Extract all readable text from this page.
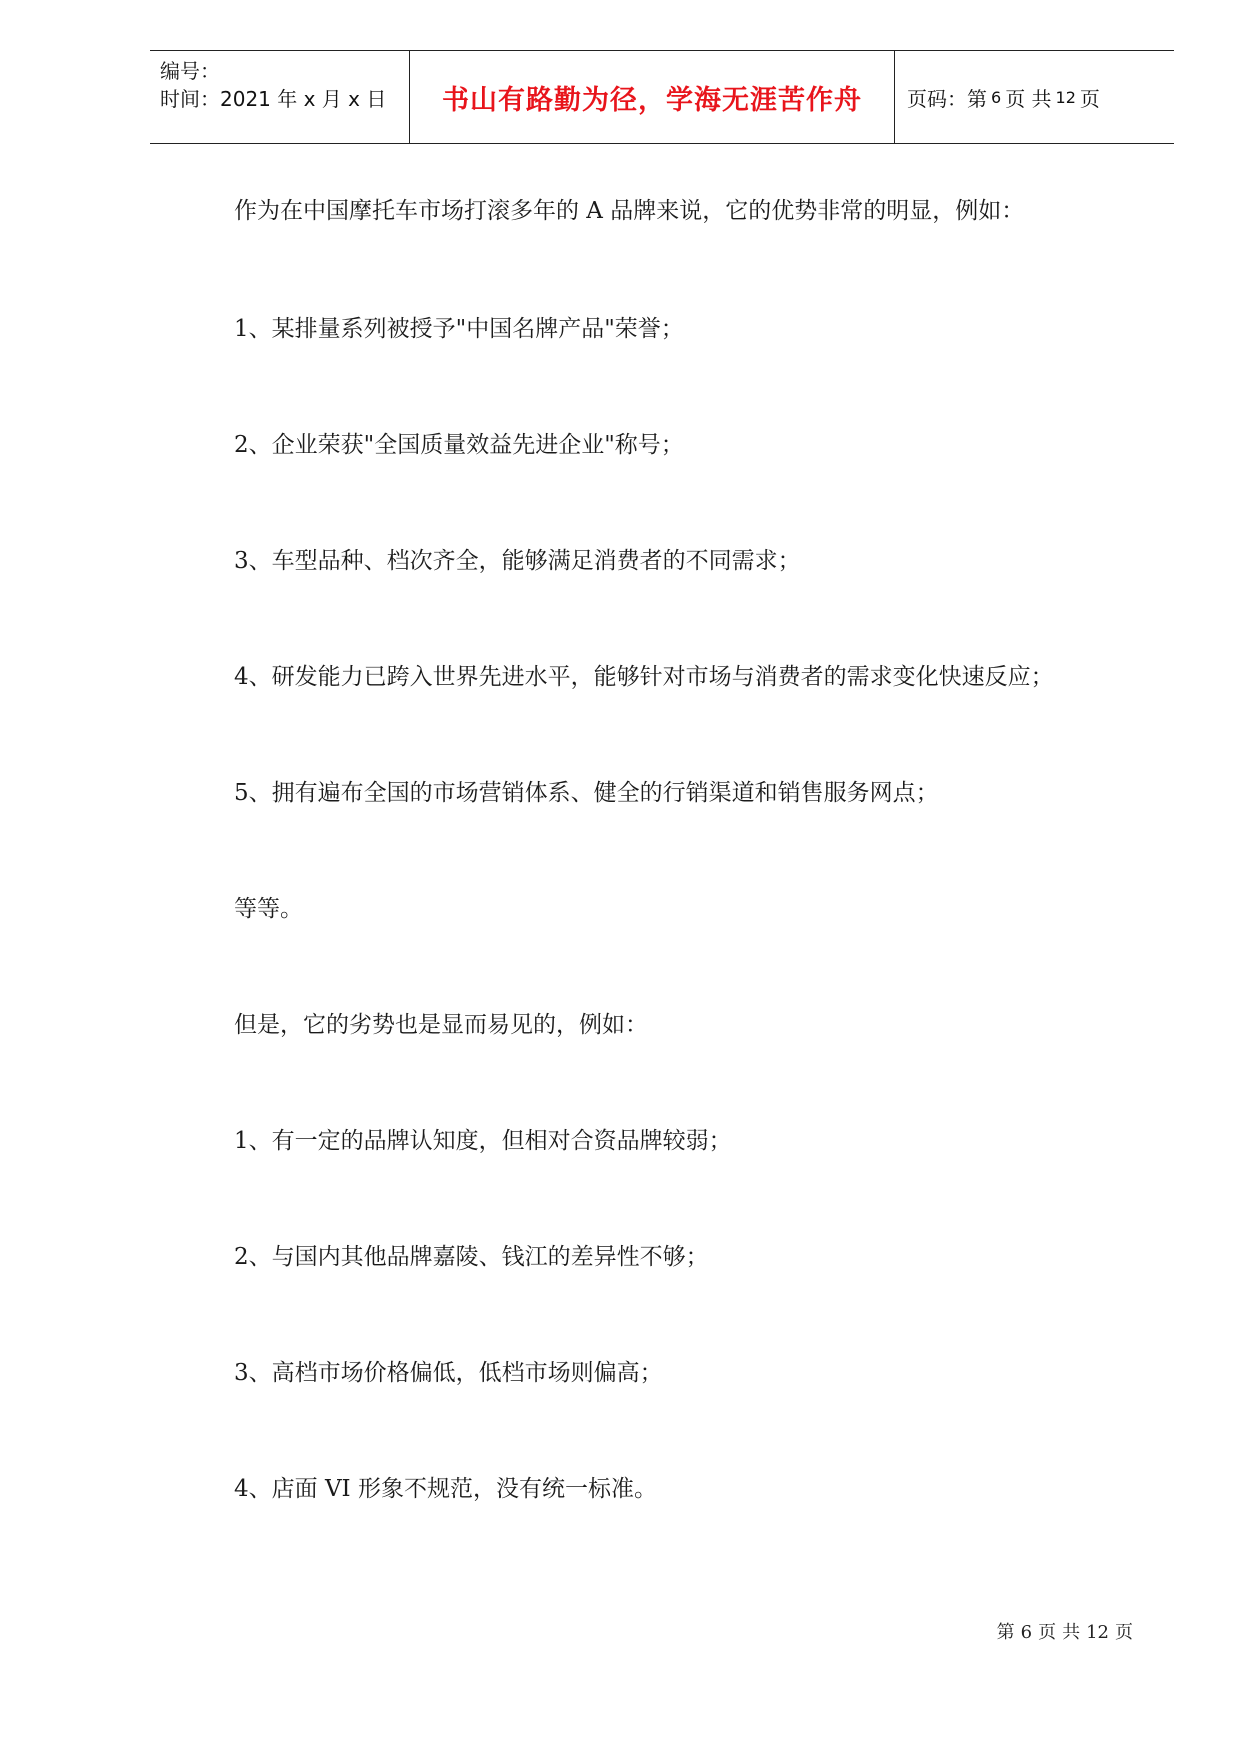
编号：
时间：2021 年 x 月 x 日 书山有路勤为径，学海无涯苦作舟 页码：第 6 页 共 12 页
作为在中国摩托车市场打滚多年的 A 品牌来说，它的优势非常的明显，例如：
1、某排量系列被授予"中国名牌产品"荣誉；
2、企业荣获"全国质量效益先进企业"称号；
3、车型品种、档次齐全，能够满足消费者的不同需求；
4、研发能力已跨入世界先进水平，能够针对市场与消费者的需求变化快速反应；
5、拥有遍布全国的市场营销体系、健全的行销渠道和销售服务网点；
等等。
但是，它的劣势也是显而易见的，例如：
1、有一定的品牌认知度，但相对合资品牌较弱；
2、与国内其他品牌嘉陵、钱江的差异性不够；
3、高档市场价格偏低，低档市场则偏高；
4、店面 VI 形象不规范，没有统一标准。
第 6 页 共 12 页
